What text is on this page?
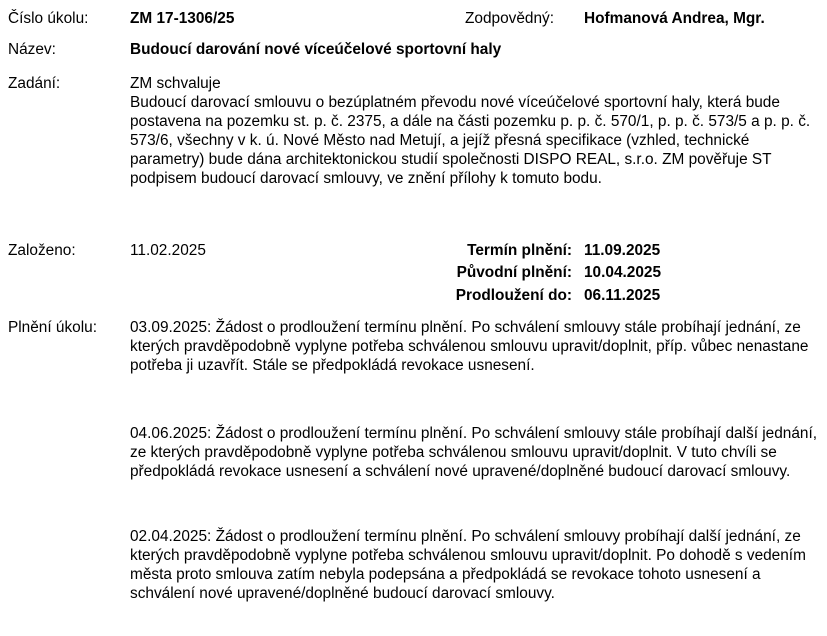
Číslo úkolu:	ZM 17-1306/25	Zodpovědný: Hofmanová Andrea, Mgr.
Název:	Budoucí darování nové víceúčelové sportovní haly
Zadání:	ZM schvaluje
Budoucí darovací smlouvu o bezúplatném převodu nové víceúčelové sportovní haly, která bude postavena na pozemku st. p. č. 2375, a dále na části pozemku p. p. č. 570/1, p. p. č. 573/5 a p. p. č. 573/6, všechny v k. ú. Nové Město nad Metují, a jejíž přesná specifikace (vzhled, technické parametry) bude dána architektonickou studií společnosti DISPO REAL, s.r.o. ZM pověřuje ST podpisem budoucí darovací smlouvy, ve znění přílohy k tomuto bodu.
Založeno:	11.02.2025	Termín plnění: 11.09.2025
Původní plnění: 10.04.2025
Prodloužení do: 06.11.2025
Plnění úkolu: 03.09.2025: Žádost o prodloužení termínu plnění. Po schválení smlouvy stále probíhají jednání, ze kterých pravděpodobně vyplyne potřeba schválenou smlouvu upravit/doplnit, příp. vůbec nenastane potřeba ji uzavřít. Stále se předpokládá revokace usnesení.
04.06.2025: Žádost o prodloužení termínu plnění. Po schválení smlouvy stále probíhají další jednání, ze kterých pravděpodobně vyplyne potřeba schválenou smlouvu upravit/doplnit. V tuto chvíli se předpokládá revokace usnesení a schválení nové upravené/doplněné budoucí darovací smlouvy.
02.04.2025: Žádost o prodloužení termínu plnění. Po schválení smlouvy probíhají další jednání, ze kterých pravděpodobně vyplyne potřeba schválenou smlouvu upravit/doplnit. Po dohodě s vedením města proto smlouva zatím nebyla podepsána a předpokládá se revokace tohoto usnesení a schválení nové upravené/doplněné budoucí darovací smlouvy.
